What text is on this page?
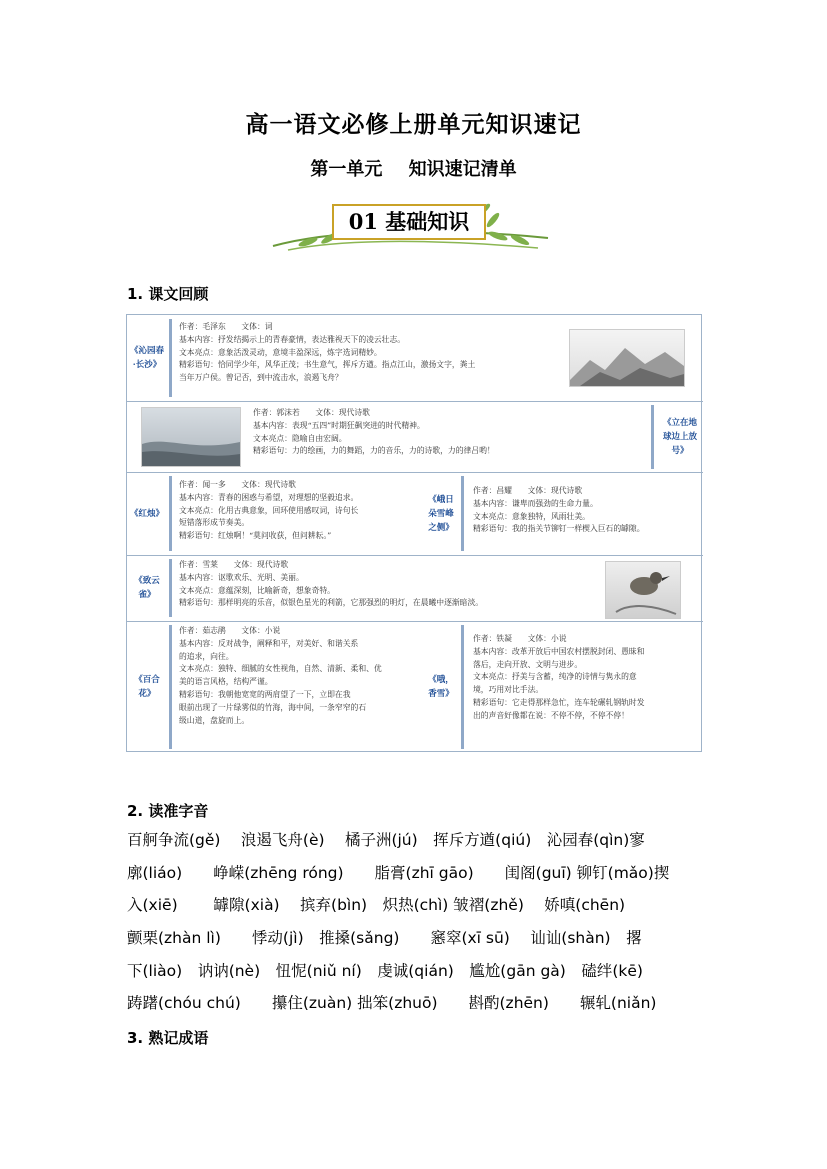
高一语文必修上册单元知识速记
第一单元 知识速记清单
01 基础知识
1. 课文回顾
《沁园春·长沙》
作者：毛泽东　　文体：词
基本内容：抒发结揭示上的青春豪情，表达雅视天下的凌云壮志。
文本亮点：意象活泼灵动，意境丰盈深远，炼字选词精妙。
精彩语句：恰同学少年，风华正茂；书生意气，挥斥方遒。指点江山，激扬文字，粪土
当年万户侯。曾记否，到中流击水，浪遏飞舟？
作者：郭沫若　　文体：现代诗歌
基本内容：表现“五四”时期狂飙突进的时代精神。
文本亮点：隐喻自由宏阔。
精彩语句：力的绘画，力的舞蹈，力的音乐，力的诗歌，力的律吕哟！
《立在地球边上放号》
《红烛》
作者：闻一多　　文体：现代诗歌
基本内容：青春的困惑与希望，对理想的坚毅追求。
文本亮点：化用古典意象，回环使用感叹词，诗句长
短错落形成节奏美。
精彩语句：红烛啊！“莫问收获，但问耕耘。”
《峨日朵雪峰之侧》
作者：昌耀　　文体：现代诗歌
基本内容：谦卑而强劲的生命力量。
文本亮点：意象独特，风雨壮美。
精彩语句：我的指关节铆钉一样楔入巨石的罅隙。
《致云雀》
作者：雪莱　　文体：现代诗歌
基本内容：讴歌欢乐、光明、美丽。
文本亮点：意蕴深刻，比喻新奇，想象奇特。
精彩语句：那样明亮的乐音，似银色星光的利箭，它那强烈的明灯，在晨曦中逐渐暗淡。
《百合花》
作者：茹志鹃　　文体：小说
基本内容：反对战争，阐释和平，对美好、和谐关系
的追求，向往。
文本亮点：独特、细腻的女性视角，自然、清新、柔和、优
美的语言风格，结构严谨。
精彩语句：我朝他宽宽的两肩望了一下，立即在我
眼前出现了一片绿雾似的竹海，海中间，一条窄窄的石
级山道，盘旋而上。
《哦，香雪》
作者：铁凝　　文体：小说
基本内容：改革开放后中国农村摆脱封闭、愚昧和
落后，走向开放、文明与进步。
文本亮点：抒美与含蓄，纯净的诗情与隽永的意
境，巧用对比手法。
精彩语句：它走得那样急忙，连车轮碾轧钢轨时发
出的声音好像都在说：不停不停，不停不停！
2. 读准字音
百舸争流(gě)　 浪遏飞舟(è)　 橘子洲(jú)　挥斥方遒(qiú)　沁园春(qìn)寥
廓(liáo)　　峥嵘(zhēng róng)　　脂膏(zhī gāo)　　闺阁(guī) 铆钉(mǎo)揳
入(xiē)　　 罅隙(xià)　 摈弃(bìn)　炽热(chì) 皱褶(zhě)　 娇嗔(chēn)
颤栗(zhàn lì)　　悸动(jì)　推搡(sǎng)　　窸窣(xī sū)　 讪讪(shàn)　撂
下(liào)　讷讷(nè)　忸怩(niǔ ní)　虔诚(qián)　尴尬(gān gà)　磕绊(kē)
踌躇(chóu chú)　　攥住(zuàn) 拙笨(zhuō)　　斟酌(zhēn)　　辗轧(niǎn)
3. 熟记成语
